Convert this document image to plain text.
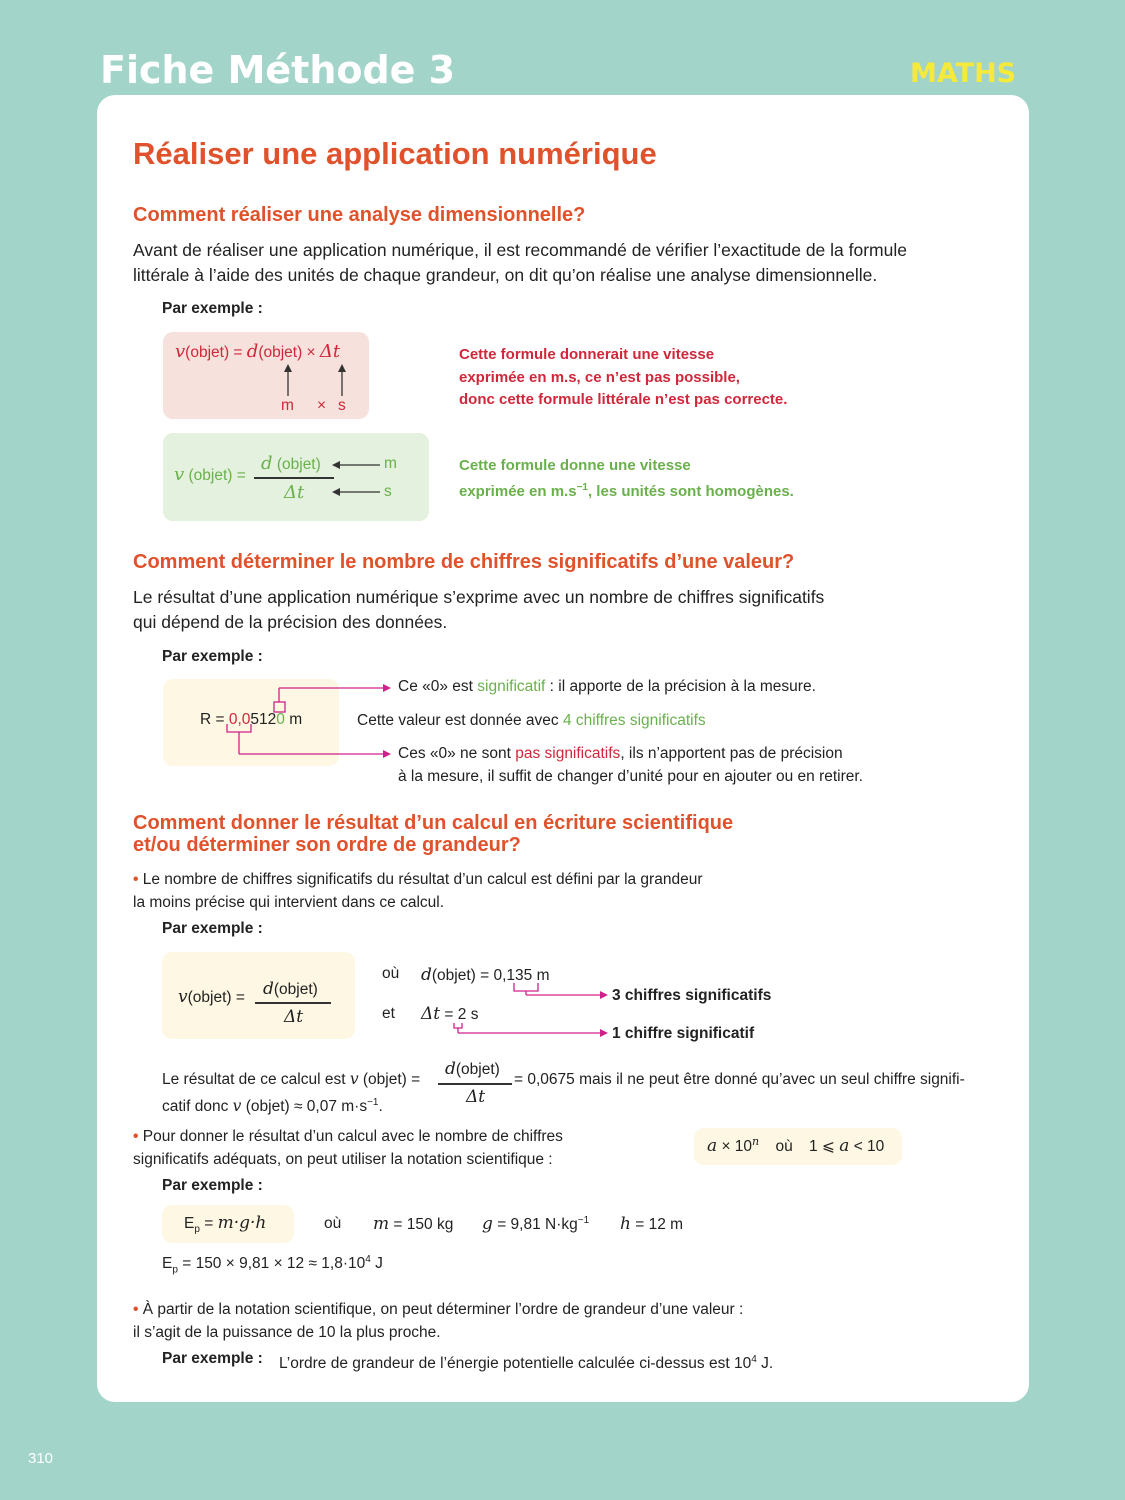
Fiche Méthode 3	MATHS
Réaliser une application numérique
Comment réaliser une analyse dimensionnelle?
Avant de réaliser une application numérique, il est recommandé de vérifier l’exactitude de la formule
littérale à l’aide des unités de chaque grandeur, on dit qu’on réalise une analyse dimensionnelle.
Par exemple :
v(objet) = d(objet) × Δt
m × s
Cette formule donnerait une vitesse
exprimée en m.s, ce n’est pas possible,
donc cette formule littérale n’est pas correcte.
v (objet) =
d (objet)
Δt
m
s
Cette formule donne une vitesse
exprimée en $m.s^{-1}$, les unités sont homogènes.
Comment déterminer le nombre de chiffres significatifs d’une valeur?
Le résultat d’une application numérique s’exprime avec un nombre de chiffres significatifs
qui dépend de la précision des données.
Par exemple :
R = 0,05120 m
Ce «0» est significatif : il apporte de la précision à la mesure.
Cette valeur est donnée avec 4 chiffres significatifs
Ces «0» ne sont pas significatifs, ils n’apportent pas de précision
à la mesure, il suffit de changer d’unité pour en ajouter ou en retirer.
Comment donner le résultat d’un calcul en écriture scientifique
et/ou déterminer son ordre de grandeur?
• Le nombre de chiffres significatifs du résultat d’un calcul est défini par la grandeur
la moins précise qui intervient dans ce calcul.
Par exemple :
v(objet) = d(objet)
Δt
où
et
d(objet) = 0,135 m
Δt = 2 s
3 chiffres significatifs
1 chiffre significatif
Le résultat de ce calcul est v (objet) =
d(objet)
Δt
= 0,0675 mais il ne peut être donné qu’avec un seul chiffre signifi-
catif donc v (objet) ≈ 0,07 $m\cdot s^{-1}$.
• Pour donner le résultat d’un calcul avec le nombre de chiffres
significatifs adéquats, on peut utiliser la notation scientifique :
$a \times 10^n$ où 1 ⩽ a < 10
Par exemple :
$E_p = m\cdot g\cdot h$	où m = 150 kg g = 9,81 $N\cdot kg^{-1}$ h = 12 m
$E_p = 150 \times 9,81 \times 12 \approx 1,8\cdot 10^4$ J
• À partir de la notation scientifique, on peut déterminer l’ordre de grandeur d’une valeur :
il s’agit de la puissance de 10 la plus proche.
Par exemple : L’ordre de grandeur de l’énergie potentielle calculée ci-dessus est $10^4$ J.
310
